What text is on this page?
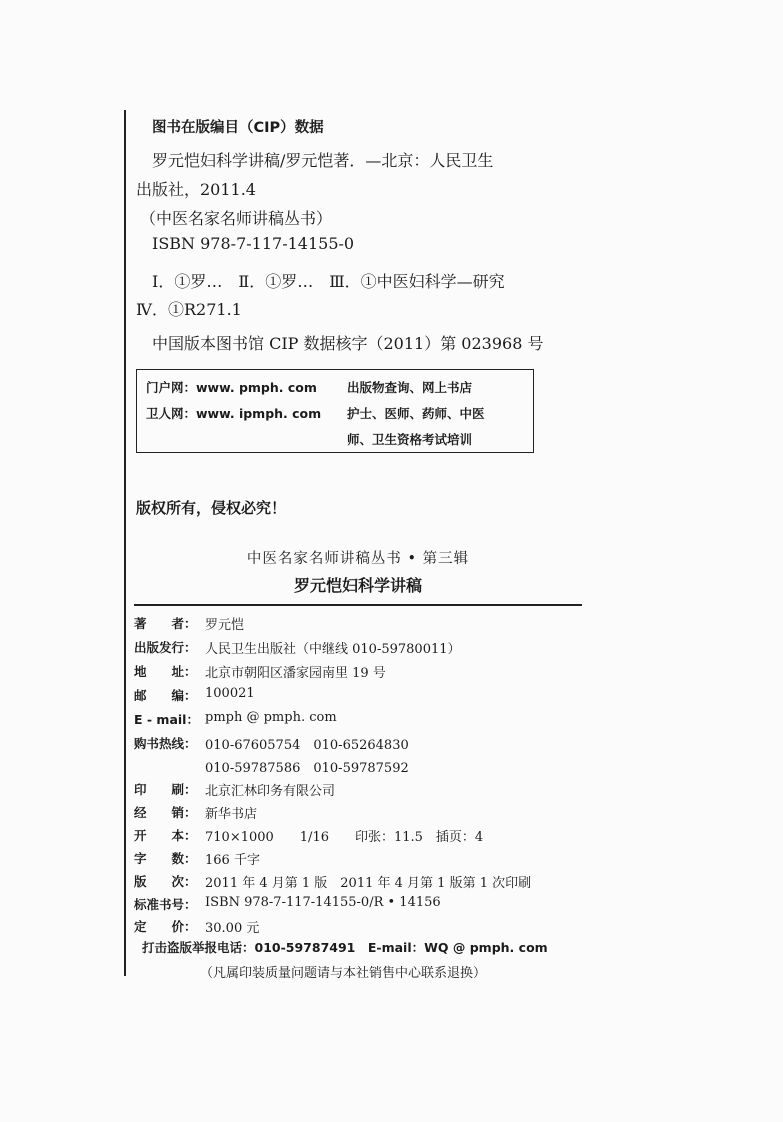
图书在版编目（CIP）数据
罗元恺妇科学讲稿/罗元恺著．—北京：人民卫生
出版社，2011.4
（中医名家名师讲稿丛书）
ISBN 978-7-117-14155-0
Ⅰ．①罗…　Ⅱ．①罗…　Ⅲ．①中医妇科学—研究
Ⅳ．①R271.1
中国版本图书馆 CIP 数据核字（2011）第 023968 号
门户网：www. pmph. com 出版物查询、网上书店
卫人网：www. ipmph. com 护士、医师、药师、中医
师、卫生资格考试培训
版权所有，侵权必究！
中医名家名师讲稿丛书 • 第三辑
罗元恺妇科学讲稿
著　　者： 罗元恺
出版发行： 人民卫生出版社（中继线 010-59780011）
地　　址： 北京市朝阳区潘家园南里 19 号
邮　　编： 100021
E - mail： pmph @ pmph. com
购书热线： 010-67605754　010-65264830
010-59787586　010-59787592
印　　刷： 北京汇林印务有限公司
经　　销： 新华书店
开　　本： 710×1000　　1/16　　印张：11.5　插页：4
字　　数： 166 千字
版　　次： 2011 年 4 月第 1 版　2011 年 4 月第 1 版第 1 次印刷
标准书号： ISBN 978-7-117-14155-0/R • 14156
定　　价： 30.00 元
打击盗版举报电话：010-59787491　E-mail：WQ @ pmph. com
（凡属印装质量问题请与本社销售中心联系退换）
